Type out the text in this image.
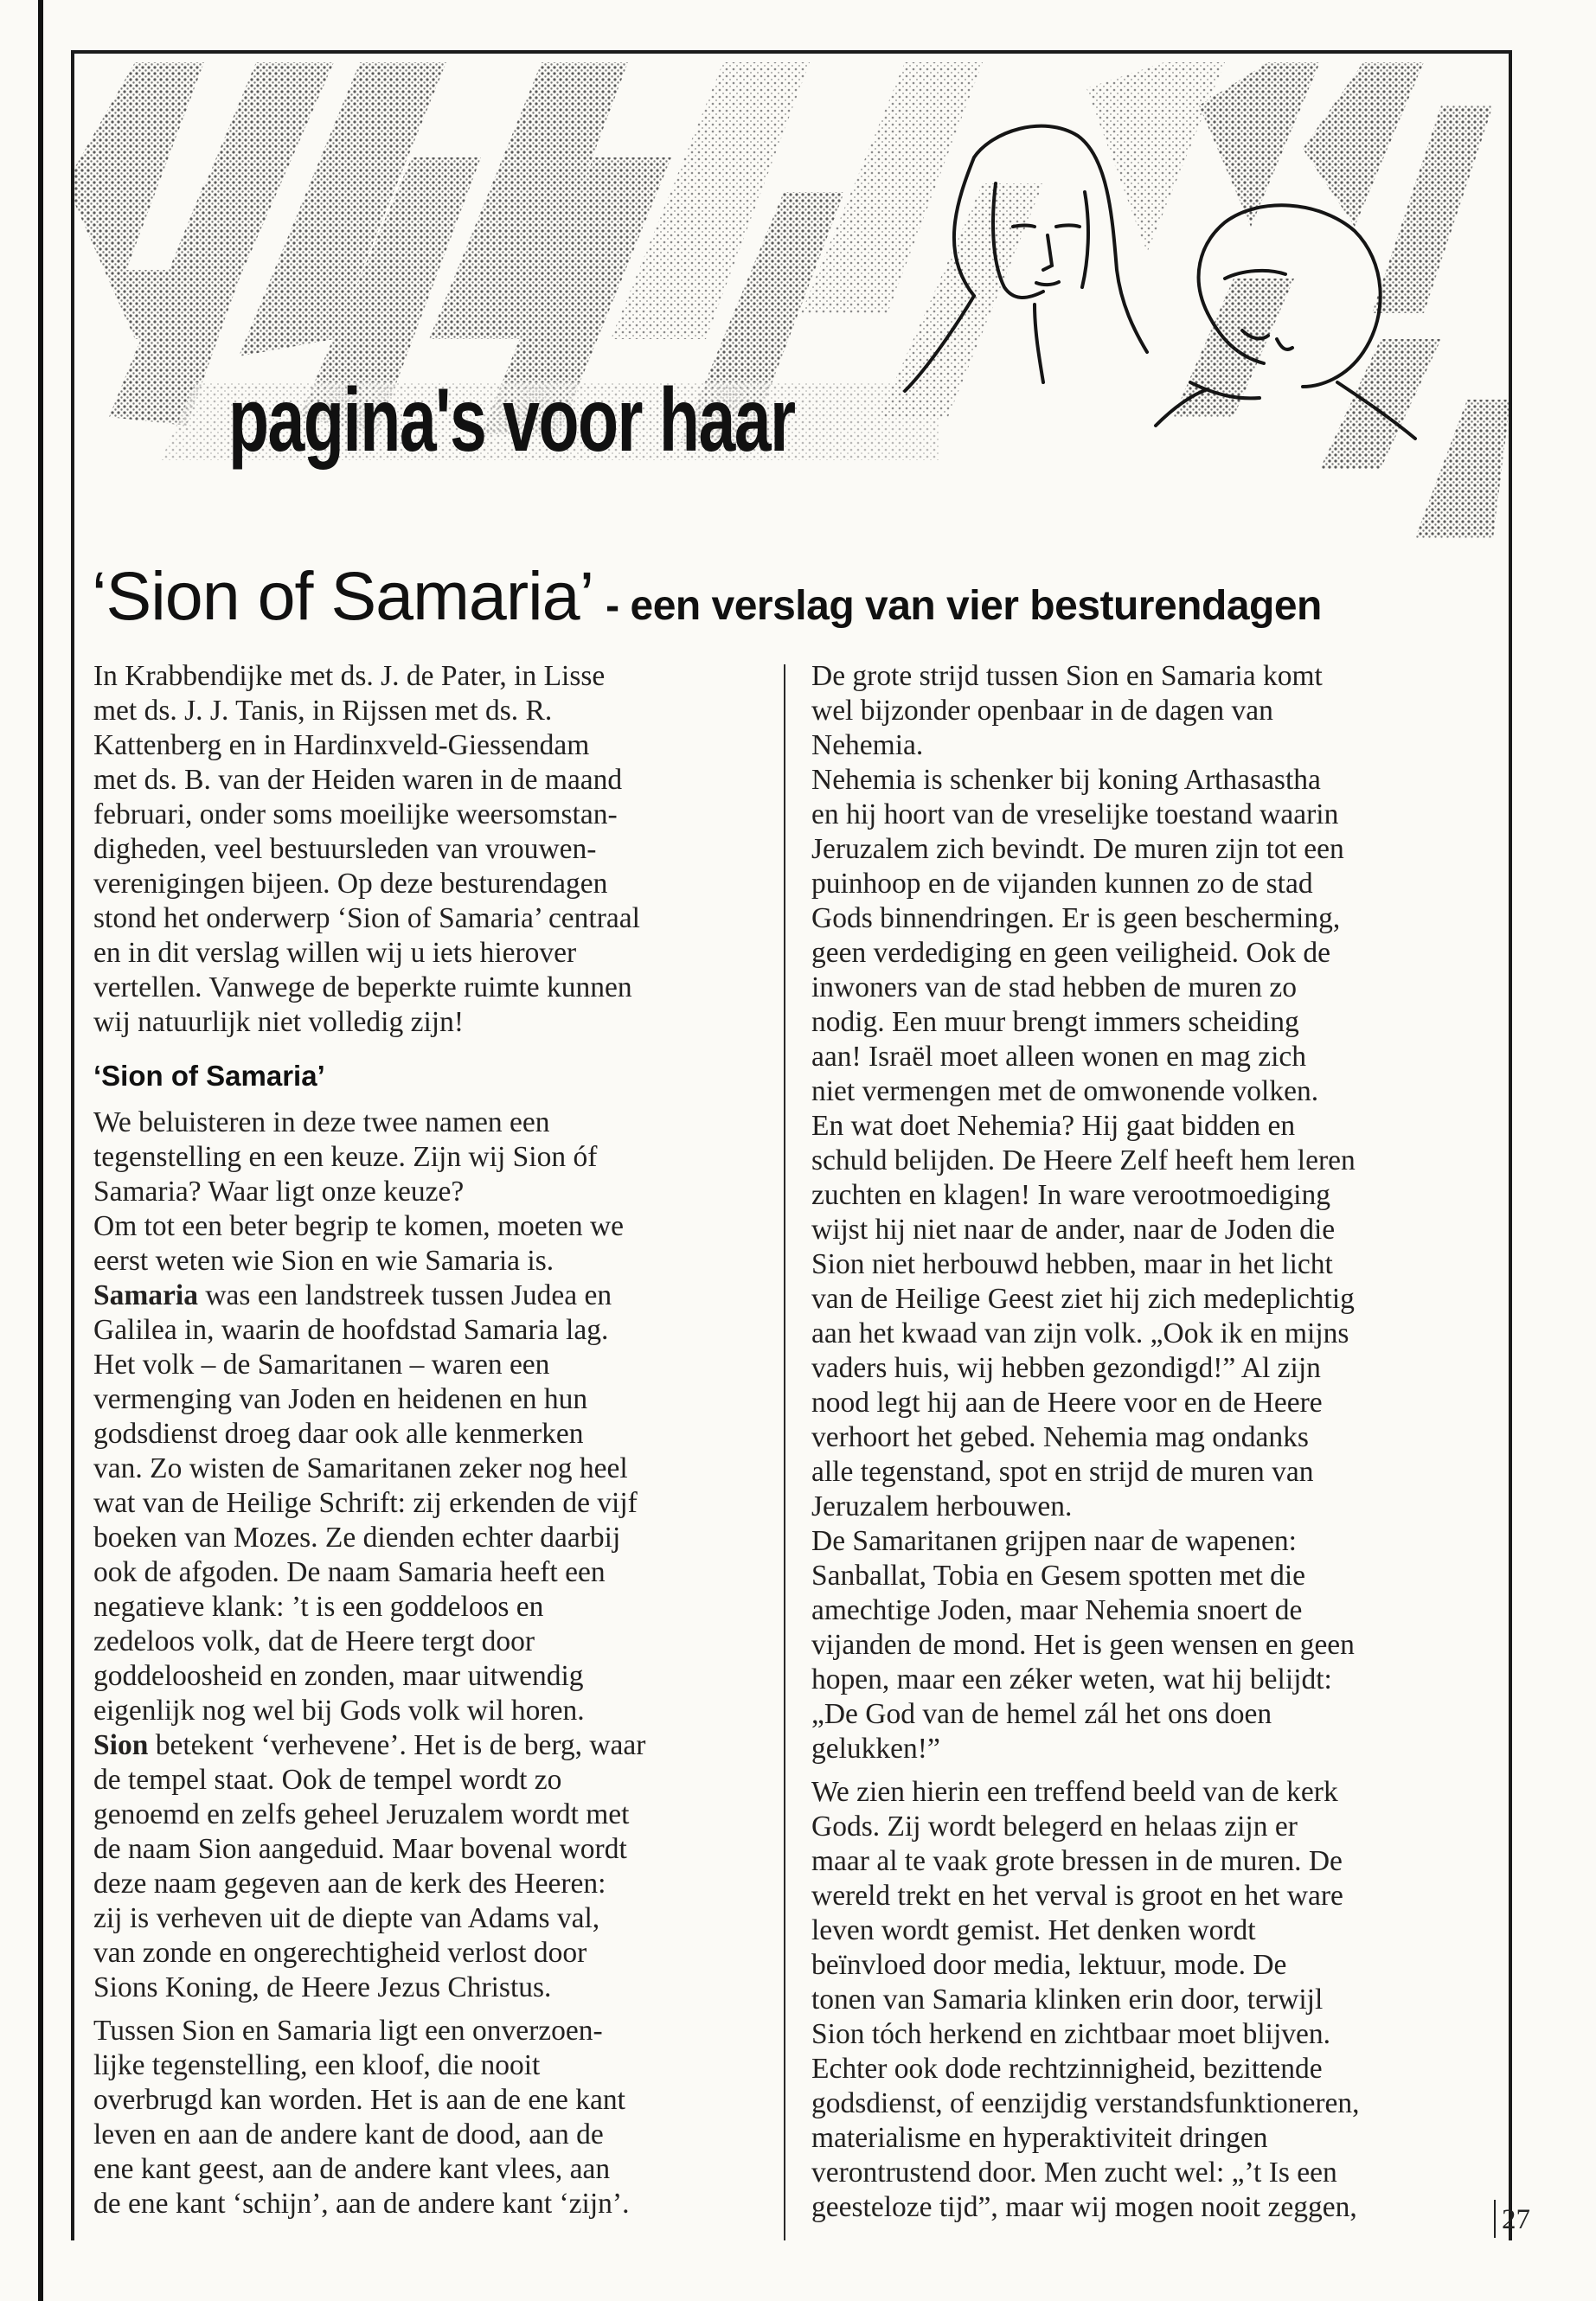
pagina's voor haar
‘Sion of Samaria’ - een verslag van vier besturendagen
In Krabbendijke met ds. J. de Pater, in Lisse
met ds. J. J. Tanis, in Rijssen met ds. R.
Kattenberg en in Hardinxveld-Giessendam
met ds. B. van der Heiden waren in de maand
februari, onder soms moeilijke weersomstan-
digheden, veel bestuursleden van vrouwen-
verenigingen bijeen. Op deze besturendagen
stond het onderwerp ‘Sion of Samaria’ centraal
en in dit verslag willen wij u iets hierover
vertellen. Vanwege de beperkte ruimte kunnen
wij natuurlijk niet volledig zijn!
‘Sion of Samaria’
We beluisteren in deze twee namen een
tegenstelling en een keuze. Zijn wij Sion óf
Samaria? Waar ligt onze keuze?
Om tot een beter begrip te komen, moeten we
eerst weten wie Sion en wie Samaria is.
Samaria was een landstreek tussen Judea en
Galilea in, waarin de hoofdstad Samaria lag.
Het volk – de Samaritanen – waren een
vermenging van Joden en heidenen en hun
godsdienst droeg daar ook alle kenmerken
van. Zo wisten de Samaritanen zeker nog heel
wat van de Heilige Schrift: zij erkenden de vijf
boeken van Mozes. Ze dienden echter daarbij
ook de afgoden. De naam Samaria heeft een
negatieve klank: ’t is een goddeloos en
zedeloos volk, dat de Heere tergt door
goddeloosheid en zonden, maar uitwendig
eigenlijk nog wel bij Gods volk wil horen.
Sion betekent ‘verhevene’. Het is de berg, waar
de tempel staat. Ook de tempel wordt zo
genoemd en zelfs geheel Jeruzalem wordt met
de naam Sion aangeduid. Maar bovenal wordt
deze naam gegeven aan de kerk des Heeren:
zij is verheven uit de diepte van Adams val,
van zonde en ongerechtigheid verlost door
Sions Koning, de Heere Jezus Christus.
Tussen Sion en Samaria ligt een onverzoen-
lijke tegenstelling, een kloof, die nooit
overbrugd kan worden. Het is aan de ene kant
leven en aan de andere kant de dood, aan de
ene kant geest, aan de andere kant vlees, aan
de ene kant ‘schijn’, aan de andere kant ‘zijn’.
De grote strijd tussen Sion en Samaria komt
wel bijzonder openbaar in de dagen van
Nehemia.
Nehemia is schenker bij koning Arthasastha
en hij hoort van de vreselijke toestand waarin
Jeruzalem zich bevindt. De muren zijn tot een
puinhoop en de vijanden kunnen zo de stad
Gods binnendringen. Er is geen bescherming,
geen verdediging en geen veiligheid. Ook de
inwoners van de stad hebben de muren zo
nodig. Een muur brengt immers scheiding
aan! Israël moet alleen wonen en mag zich
niet vermengen met de omwonende volken.
En wat doet Nehemia? Hij gaat bidden en
schuld belijden. De Heere Zelf heeft hem leren
zuchten en klagen! In ware verootmoediging
wijst hij niet naar de ander, naar de Joden die
Sion niet herbouwd hebben, maar in het licht
van de Heilige Geest ziet hij zich medeplichtig
aan het kwaad van zijn volk. „Ook ik en mijns
vaders huis, wij hebben gezondigd!” Al zijn
nood legt hij aan de Heere voor en de Heere
verhoort het gebed. Nehemia mag ondanks
alle tegenstand, spot en strijd de muren van
Jeruzalem herbouwen.
De Samaritanen grijpen naar de wapenen:
Sanballat, Tobia en Gesem spotten met die
amechtige Joden, maar Nehemia snoert de
vijanden de mond. Het is geen wensen en geen
hopen, maar een zéker weten, wat hij belijdt:
„De God van de hemel zál het ons doen
gelukken!”
We zien hierin een treffend beeld van de kerk
Gods. Zij wordt belegerd en helaas zijn er
maar al te vaak grote bressen in de muren. De
wereld trekt en het verval is groot en het ware
leven wordt gemist. Het denken wordt
beïnvloed door media, lektuur, mode. De
tonen van Samaria klinken erin door, terwijl
Sion tóch herkend en zichtbaar moet blijven.
Echter ook dode rechtzinnigheid, bezittende
godsdienst, of eenzijdig verstandsfunktioneren,
materialisme en hyperaktiviteit dringen
verontrustend door. Men zucht wel: „’t Is een
geesteloze tijd”, maar wij mogen nooit zeggen,	27
